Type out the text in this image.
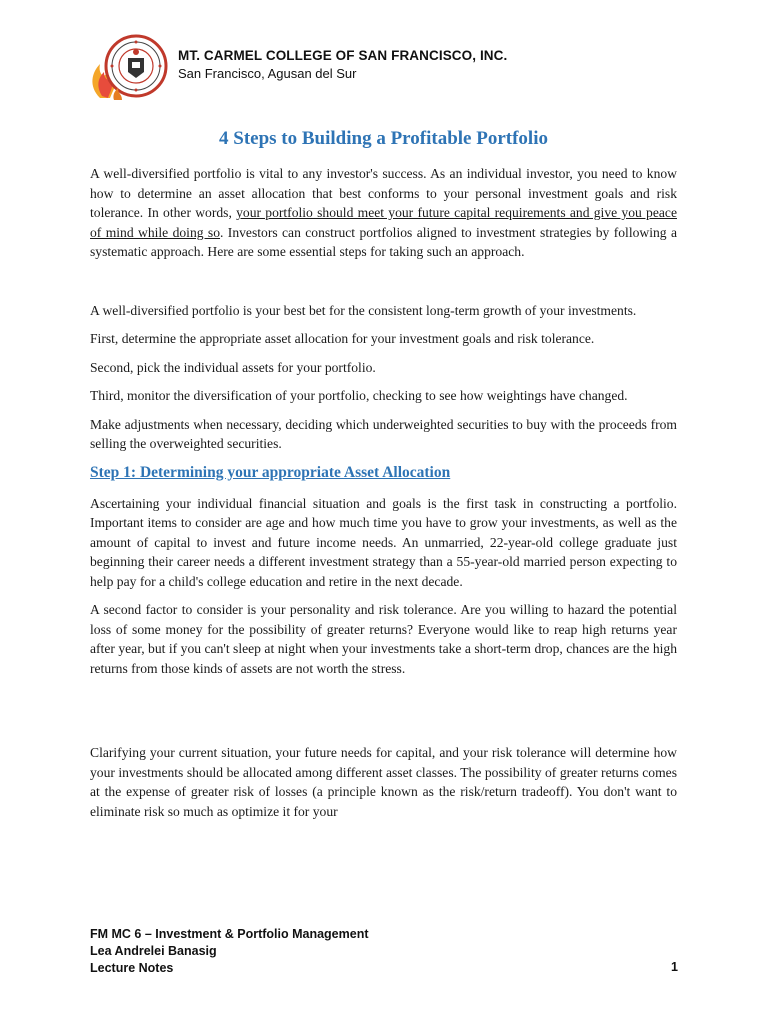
MT. CARMEL COLLEGE OF SAN FRANCISCO, INC.
San Francisco, Agusan del Sur
4 Steps to Building a Profitable Portfolio

A well-diversified portfolio is vital to any investor's success. As an individual investor, you need to know how to determine an asset allocation that best conforms to your personal investment goals and risk tolerance. In other words, your portfolio should meet your future capital requirements and give you peace of mind while doing so. Investors can construct portfolios aligned to investment strategies by following a systematic approach. Here are some essential steps for taking such an approach.

A well-diversified portfolio is your best bet for the consistent long-term growth of your investments.

First, determine the appropriate asset allocation for your investment goals and risk tolerance.

Second, pick the individual assets for your portfolio.

Third, monitor the diversification of your portfolio, checking to see how weightings have changed.

Make adjustments when necessary, deciding which underweighted securities to buy with the proceeds from selling the overweighted securities.

Step 1: Determining your appropriate Asset Allocation

Ascertaining your individual financial situation and goals is the first task in constructing a portfolio. Important items to consider are age and how much time you have to grow your investments, as well as the amount of capital to invest and future income needs. An unmarried, 22-year-old college graduate just beginning their career needs a different investment strategy than a 55-year-old married person expecting to help pay for a child's college education and retire in the next decade.

A second factor to consider is your personality and risk tolerance. Are you willing to hazard the potential loss of some money for the possibility of greater returns? Everyone would like to reap high returns year after year, but if you can't sleep at night when your investments take a short-term drop, chances are the high returns from those kinds of assets are not worth the stress.

Clarifying your current situation, your future needs for capital, and your risk tolerance will determine how your investments should be allocated among different asset classes. The possibility of greater returns comes at the expense of greater risk of losses (a principle known as the risk/return tradeoff). You don't want to eliminate risk so much as optimize it for your

FM MC 6 – Investment & Portfolio Management
Lea Andrelei Banasig
Lecture Notes	1
